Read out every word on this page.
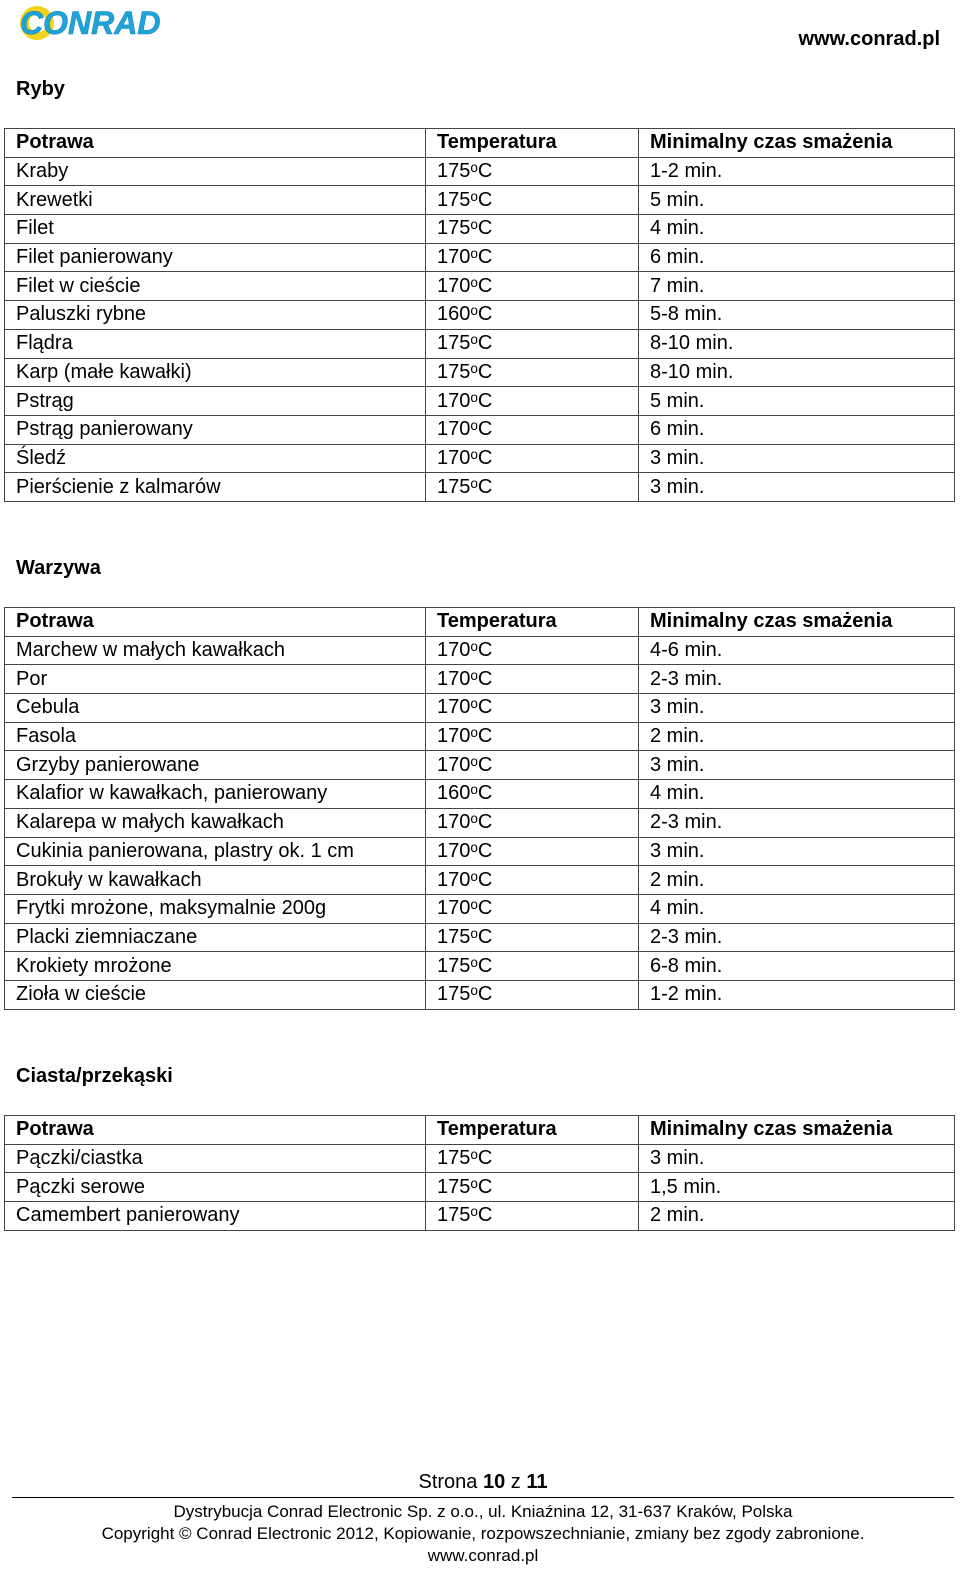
CONRAD	www.conrad.pl
Ryby
Warzywa
Ciasta/przekąski
Potrawa	Temperatura	Minimalny czas smażenia
Kraby	175ᵒC	1-2 min.
Krewetki	175ᵒC	5 min.
Filet	175ᵒC	4 min.
Filet panierowany	170ᵒC	6 min.
Filet w cieście	170ᵒC	7 min.
Paluszki rybne	160ᵒC	5-8 min.
Flądra	175ᵒC	8-10 min.
Karp (małe kawałki)	175ᵒC	8-10 min.
Pstrąg	170ᵒC	5 min.
Pstrąg panierowany	170ᵒC	6 min.
Śledź	170ᵒC	3 min.
Pierścienie z kalmarów	175ᵒC	3 min.
Potrawa	Temperatura	Minimalny czas smażenia
Marchew w małych kawałkach	170ᵒC	4-6 min.
Por	170ᵒC	2-3 min.
Cebula	170ᵒC	3 min.
Fasola	170ᵒC	2 min.
Grzyby panierowane	170ᵒC	3 min.
Kalafior w kawałkach, panierowany	160ᵒC	4 min.
Kalarepa w małych kawałkach	170ᵒC	2-3 min.
Cukinia panierowana, plastry ok. 1 cm	170ᵒC	3 min.
Brokuły w kawałkach	170ᵒC	2 min.
Frytki mrożone, maksymalnie 200g	170ᵒC	4 min.
Placki ziemniaczane	175ᵒC	2-3 min.
Krokiety mrożone	175ᵒC	6-8 min.
Zioła w cieście	175ᵒC	1-2 min.
Potrawa	Temperatura	Minimalny czas smażenia
Pączki/ciastka	175ᵒC	3 min.
Pączki serowe	175ᵒC	1,5 min.
Camembert panierowany	175ᵒC	2 min.
Strona 10 z 11
Dystrybucja Conrad Electronic Sp. z o.o., ul. Kniaźnina 12, 31-637 Kraków, Polska
Copyright © Conrad Electronic 2012, Kopiowanie, rozpowszechnianie, zmiany bez zgody zabronione.
www.conrad.pl
